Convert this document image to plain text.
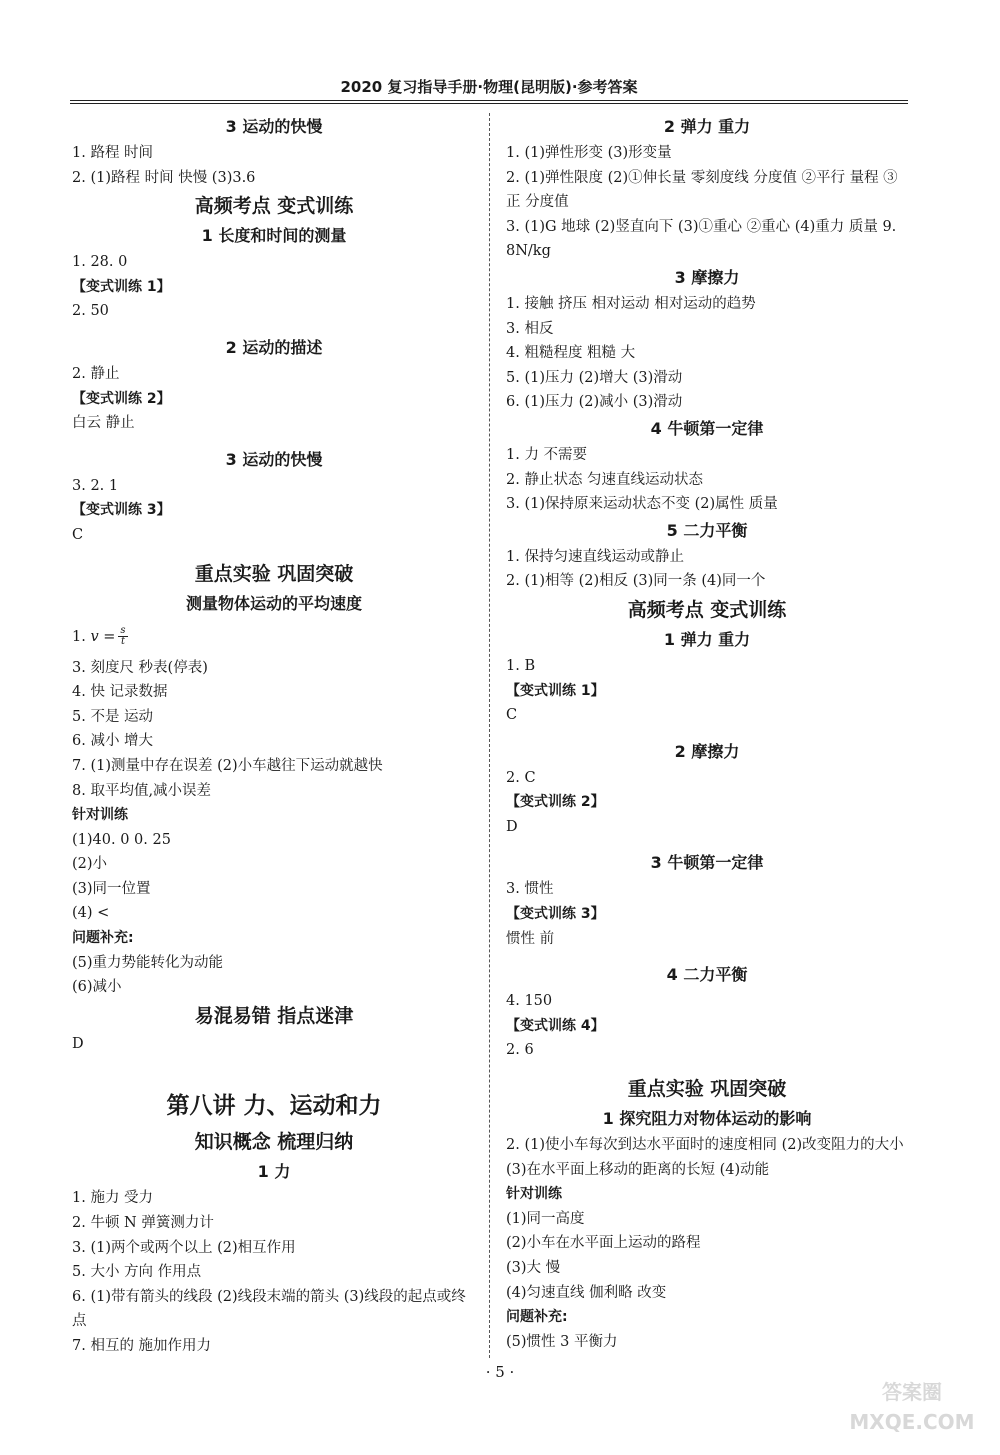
2020 复习指导手册·物理(昆明版)·参考答案
3 运动的快慢
1. 路程 时间
2. (1)路程 时间 快慢 (3)3.6
高频考点 变式训练
1 长度和时间的测量
1. 28. 0
【变式训练 1】
2. 50
2 运动的描述
2. 静止
【变式训练 2】
白云 静止
3 运动的快慢
3. 2. 1
【变式训练 3】
C
重点实验 巩固突破
测量物体运动的平均速度
1. $v = \frac{s}{t}$
3. 刻度尺 秒表(停表)
4. 快 记录数据
5. 不是 运动
6. 减小 增大
7. (1)测量中存在误差 (2)小车越往下运动就越快
8. 取平均值,减小误差
针对训练
(1)40. 0 0. 25
(2)小
(3)同一位置
(4) <
问题补充:
(5)重力势能转化为动能
(6)减小
易混易错 指点迷津
D
第八讲 力、运动和力
知识概念 梳理归纳
1 力
1. 施力 受力
2. 牛顿 N 弹簧测力计
3. (1)两个或两个以上 (2)相互作用
5. 大小 方向 作用点
6. (1)带有箭头的线段 (2)线段末端的箭头 (3)线段的起点或终点
7. 相互的 施加作用力
2 弹力 重力
1. (1)弹性形变 (3)形变量
2. (1)弹性限度 (2)①伸长量 零刻度线 分度值 ②平行 量程 ③正 分度值
3. (1)G 地球 (2)竖直向下 (3)①重心 ②重心 (4)重力 质量 9. 8N/kg
3 摩擦力
1. 接触 挤压 相对运动 相对运动的趋势
3. 相反
4. 粗糙程度 粗糙 大
5. (1)压力 (2)增大 (3)滑动
6. (1)压力 (2)减小 (3)滑动
4 牛顿第一定律
1. 力 不需要
2. 静止状态 匀速直线运动状态
3. (1)保持原来运动状态不变 (2)属性 质量
5 二力平衡
1. 保持匀速直线运动或静止
2. (1)相等 (2)相反 (3)同一条 (4)同一个
高频考点 变式训练
1 弹力 重力
1. B
【变式训练 1】
C
2 摩擦力
2. C
【变式训练 2】
D
3 牛顿第一定律
3. 惯性
【变式训练 3】
惯性 前
4 二力平衡
4. 150
【变式训练 4】
2. 6
重点实验 巩固突破
1 探究阻力对物体运动的影响
2. (1)使小车每次到达水平面时的速度相同 (2)改变阻力的大小 (3)在水平面上移动的距离的长短 (4)动能
针对训练
(1)同一高度
(2)小车在水平面上运动的路程
(3)大 慢
(4)匀速直线 伽利略 改变
问题补充:
(5)惯性 3 平衡力
· 5 ·
答案圈
MXQE.COM
